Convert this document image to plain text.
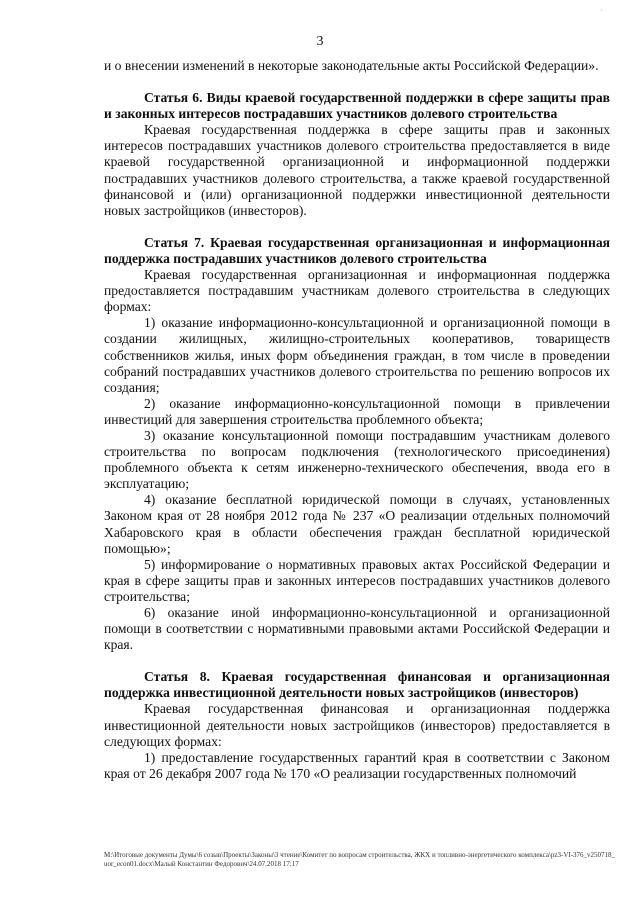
·
3

и о внесении изменений в некоторые законодательные акты Российской Федерации».

Статья 6. Виды краевой государственной поддержки в сфере защиты прав и законных интересов пострадавших участников долевого строительства

Краевая государственная поддержка в сфере защиты прав и законных интересов пострадавших участников долевого строительства предоставляется в виде краевой государственной организационной и информационной поддержки пострадавших участников долевого строительства, а также краевой государственной финансовой и (или) организационной поддержки инвестиционной деятельности новых застройщиков (инвесторов).

Статья 7. Краевая государственная организационная и информационная поддержка пострадавших участников долевого строительства

Краевая государственная организационная и информационная поддержка предоставляется пострадавшим участникам долевого строительства в следующих формах:

1) оказание информационно-консультационной и организационной помощи в создании жилищных, жилищно-строительных кооперативов, товариществ собственников жилья, иных форм объединения граждан, в том числе в проведении собраний пострадавших участников долевого строительства по решению вопросов их создания;

2) оказание информационно-консультационной помощи в привлечении инвестиций для завершения строительства проблемного объекта;

3) оказание консультационной помощи пострадавшим участникам долевого строительства по вопросам подключения (технологического присоединения) проблемного объекта к сетям инженерно-технического обеспечения, ввода его в эксплуатацию;

4) оказание бесплатной юридической помощи в случаях, установленных Законом края от 28 ноября 2012 года № 237 «О реализации отдельных полномочий Хабаровского края в области обеспечения граждан бесплатной юридической помощью»;

5) информирование о нормативных правовых актах Российской Федерации и края в сфере защиты прав и законных интересов пострадавших участников долевого строительства;

6) оказание иной информационно-консультационной и организационной помощи в соответствии с нормативными правовыми актами Российской Федерации и края.

Статья 8. Краевая государственная финансовая и организационная поддержка инвестиционной деятельности новых застройщиков (инвесторов)

Краевая государственная финансовая и организационная поддержка инвестиционной деятельности новых застройщиков (инвесторов) предоставляется в следующих формах:

1) предоставление государственных гарантий края в соответствии с Законом края от 26 декабря 2007 года № 170 «О реализации государственных полномочий

М:\Итоговые документы Думы\6 созыв\Проекты\Законы\3 чтение\Комитет по вопросам строительства, ЖКХ и топливно-энергетического комплекса\pz3-VI-376_v250718_uor_econ01.docx\Малый Константин Федорович\24.07.2018 17:17
